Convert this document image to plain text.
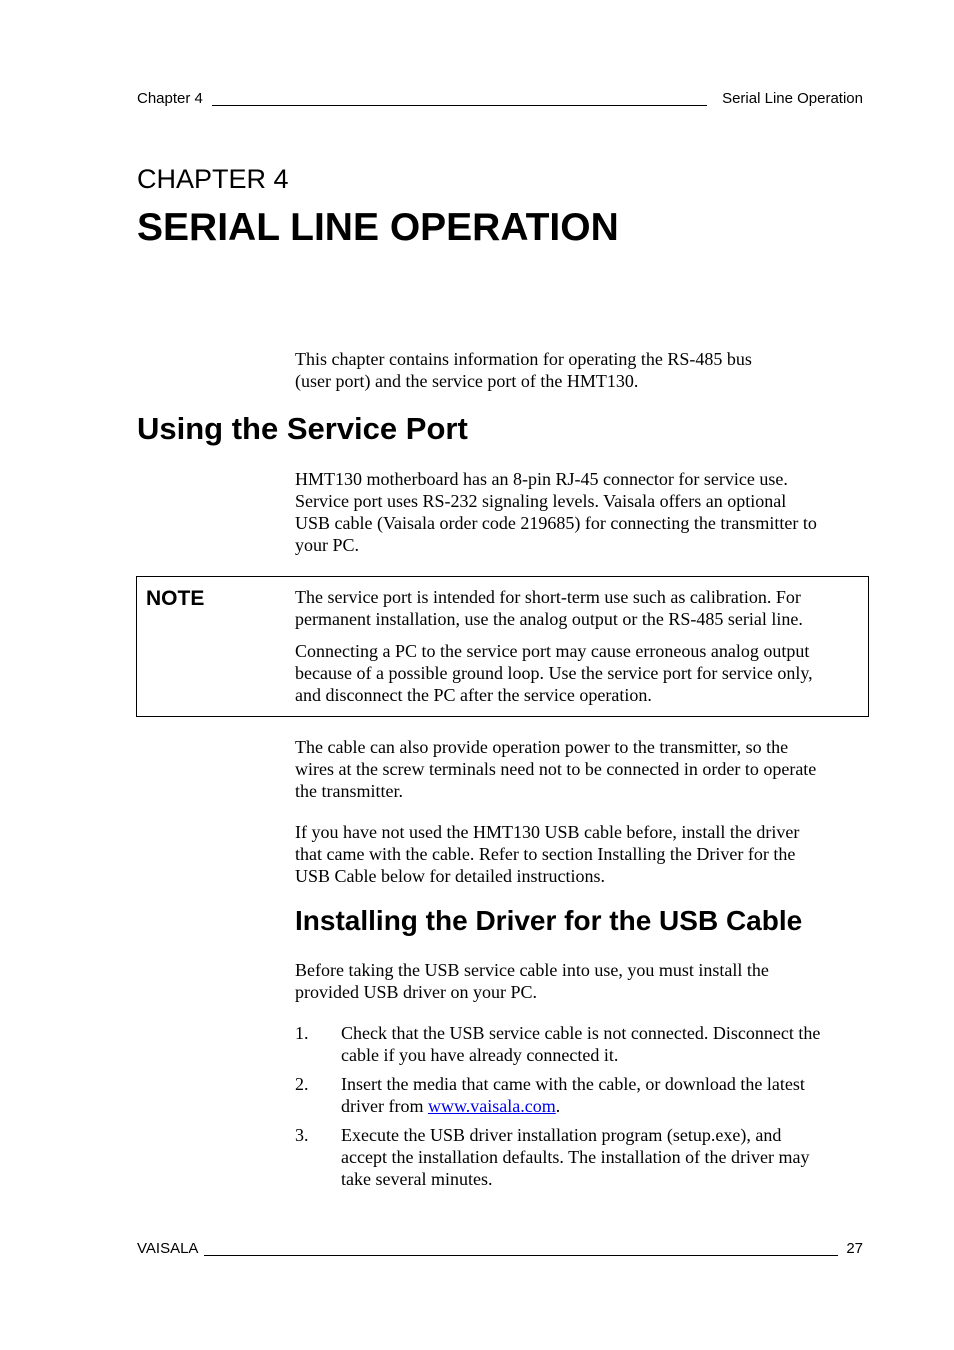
Chapter 4	Serial Line Operation
CHAPTER 4
SERIAL LINE OPERATION
This chapter contains information for operating the RS-485 bus
(user port) and the service port of the HMT130.
Using the Service Port
HMT130 motherboard has an 8-pin RJ-45 connector for service use.
Service port uses RS-232 signaling levels. Vaisala offers an optional
USB cable (Vaisala order code 219685) for connecting the transmitter to
your PC.
NOTE	The service port is intended for short-term use such as calibration. For
permanent installation, use the analog output or the RS-485 serial line.
Connecting a PC to the service port may cause erroneous analog output
because of a possible ground loop. Use the service port for service only,
and disconnect the PC after the service operation.
The cable can also provide operation power to the transmitter, so the
wires at the screw terminals need not to be connected in order to operate
the transmitter.
If you have not used the HMT130 USB cable before, install the driver
that came with the cable. Refer to section Installing the Driver for the
USB Cable below for detailed instructions.
Installing the Driver for the USB Cable
Before taking the USB service cable into use, you must install the
provided USB driver on your PC.
1. Check that the USB service cable is not connected. Disconnect the
cable if you have already connected it.
2. Insert the media that came with the cable, or download the latest
driver from www.vaisala.com.
3. Execute the USB driver installation program (setup.exe), and
accept the installation defaults. The installation of the driver may
take several minutes.
VAISALA	27
